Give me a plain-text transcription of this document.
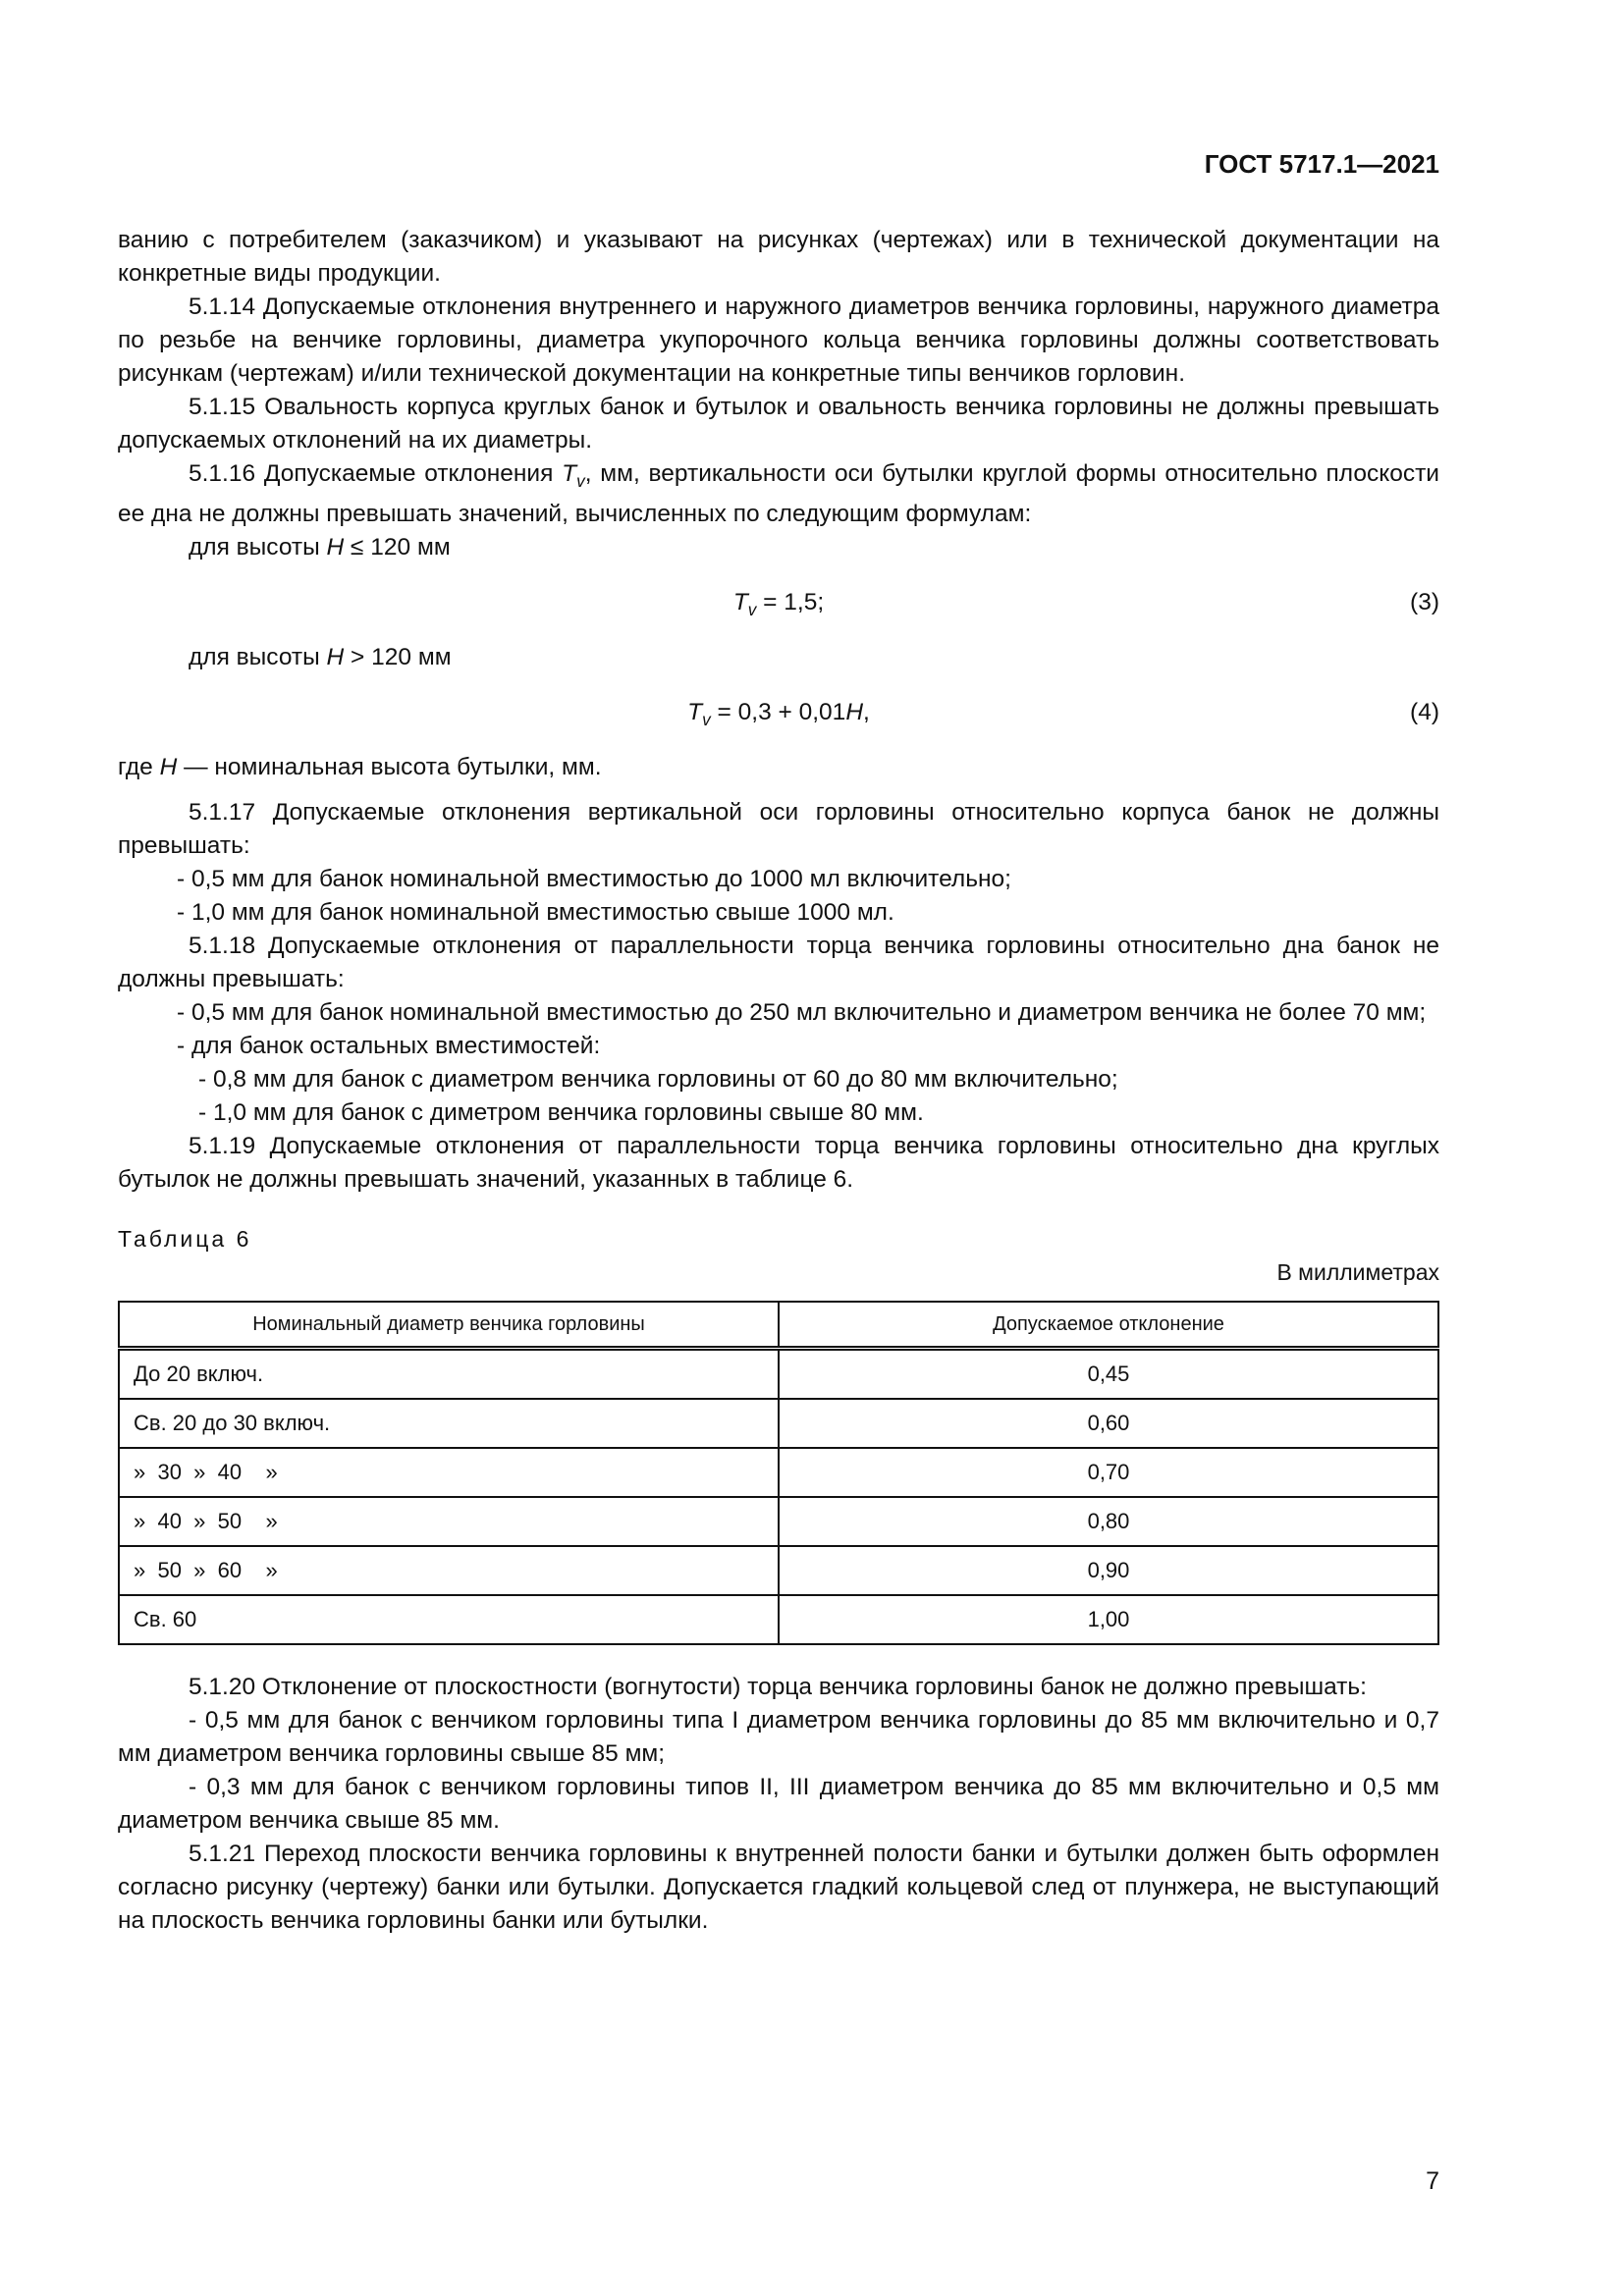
ГОСТ 5717.1—2021

ванию с потребителем (заказчиком) и указывают на рисунках (чертежах) или в технической документации на конкретные виды продукции.

5.1.14 Допускаемые отклонения внутреннего и наружного диаметров венчика горловины, наружного диаметра по резьбе на венчике горловины, диаметра укупорочного кольца венчика горловины должны соответствовать рисункам (чертежам) и/или технической документации на конкретные типы венчиков горловин.

5.1.15 Овальность корпуса круглых банок и бутылок и овальность венчика горловины не должны превышать допускаемых отклонений на их диаметры.

5.1.16 Допускаемые отклонения $T_v$, мм, вертикальности оси бутылки круглой формы относительно плоскости ее дна не должны превышать значений, вычисленных по следующим формулам:

для высоты H ≤ 120 мм

$T_v = 1,5$;	(3)

для высоты H > 120 мм

$T_v = 0,3 + 0,01H$,	(4)

где H — номинальная высота бутылки, мм.

5.1.17 Допускаемые отклонения вертикальной оси горловины относительно корпуса банок не должны превышать:

- 0,5 мм для банок номинальной вместимостью до 1000 мл включительно;

- 1,0 мм для банок номинальной вместимостью свыше 1000 мл.

5.1.18 Допускаемые отклонения от параллельности торца венчика горловины относительно дна банок не должны превышать:

- 0,5 мм для банок номинальной вместимостью до 250 мл включительно и диаметром венчика не более 70 мм;

- для банок остальных вместимостей:

- 0,8 мм для банок с диаметром венчика горловины от 60 до 80 мм включительно;

- 1,0 мм для банок с диметром венчика горловины свыше 80 мм.

5.1.19 Допускаемые отклонения от параллельности торца венчика горловины относительно дна круглых бутылок не должны превышать значений, указанных в таблице 6.

Таблица 6
В миллиметрах
Номинальный диаметр венчика горловины	Допускаемое отклонение
До 20 включ.	0,45
Св. 20 до 30 включ.	0,60
»  30  »  40    »	0,70
»  40  »  50    »	0,80
»  50  »  60    »	0,90
Св. 60	1,00

5.1.20 Отклонение от плоскостности (вогнутости) торца венчика горловины банок не должно превышать:

- 0,5 мм для банок с венчиком горловины типа I диаметром венчика горловины до 85 мм включительно и 0,7 мм диаметром венчика горловины свыше 85 мм;

- 0,3 мм для банок с венчиком горловины типов II, III диаметром венчика до 85 мм включительно и 0,5 мм диаметром венчика свыше 85 мм.

5.1.21 Переход плоскости венчика горловины к внутренней полости банки и бутылки должен быть оформлен согласно рисунку (чертежу) банки или бутылки. Допускается гладкий кольцевой след от плунжера, не выступающий на плоскость венчика горловины банки или бутылки.

7
